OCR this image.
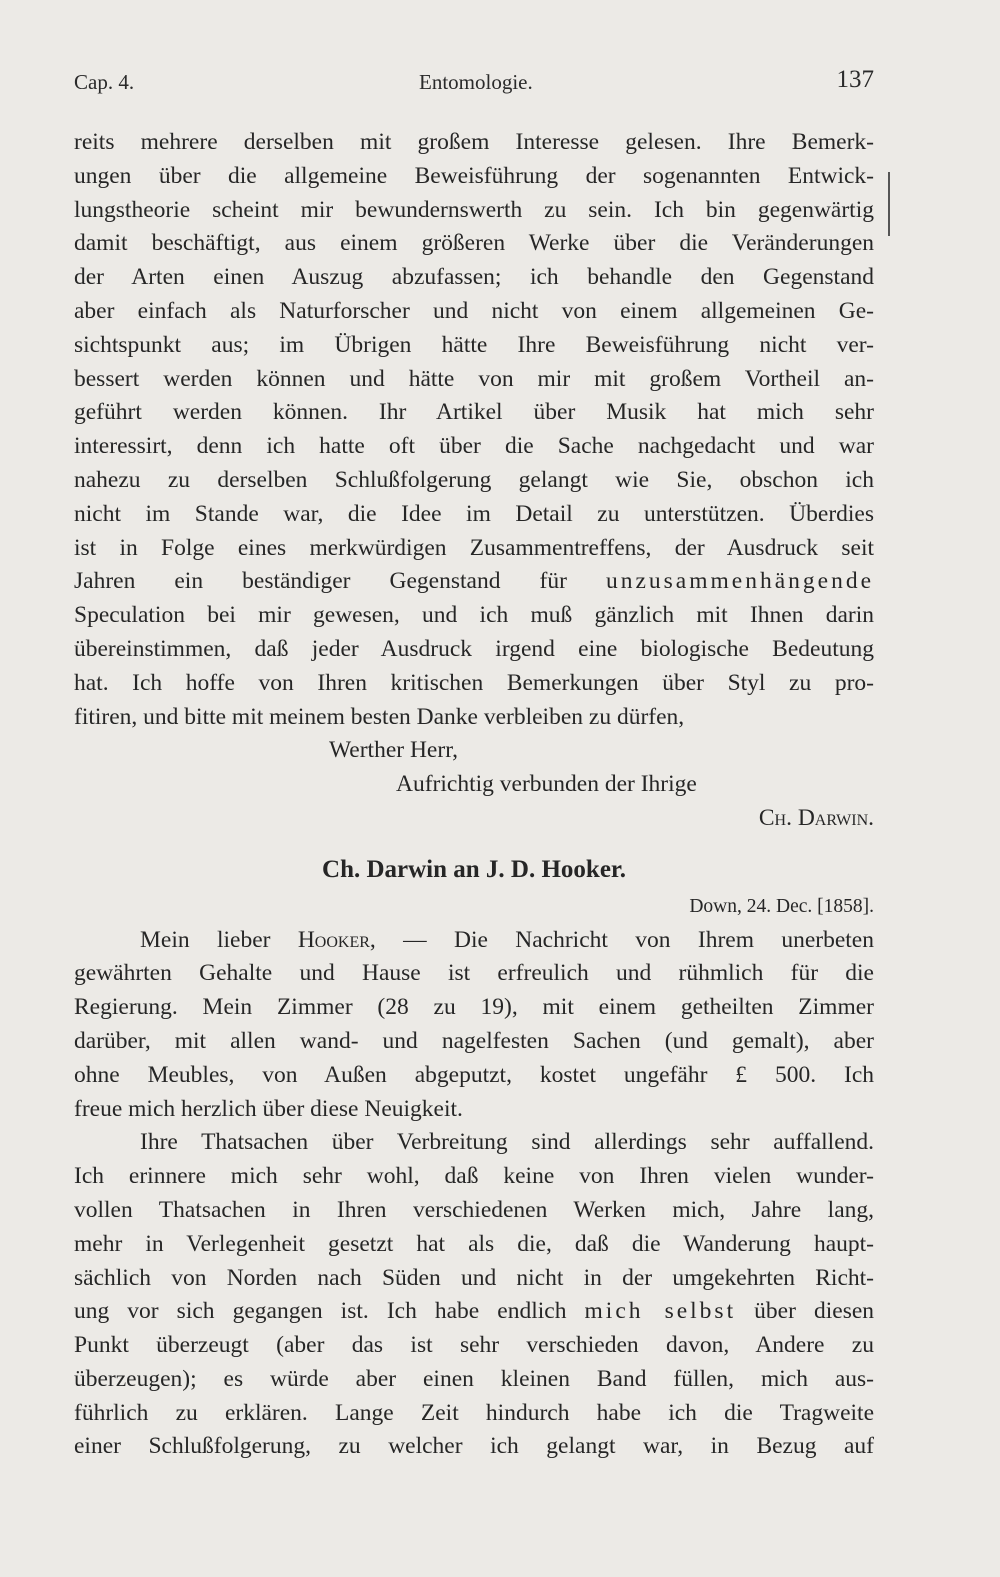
Cap. 4.	Entomologie.	137
reits mehrere derselben mit großem Interesse gelesen. Ihre Bemerk-
ungen über die allgemeine Beweisführung der sogenannten Entwick-
lungstheorie scheint mir bewundernswerth zu sein. Ich bin gegenwärtig
damit beschäftigt, aus einem größeren Werke über die Veränderungen
der Arten einen Auszug abzufassen; ich behandle den Gegenstand
aber einfach als Naturforscher und nicht von einem allgemeinen Ge-
sichtspunkt aus; im Übrigen hätte Ihre Beweisführung nicht ver-
bessert werden können und hätte von mir mit großem Vortheil an-
geführt werden können. Ihr Artikel über Musik hat mich sehr
interessirt, denn ich hatte oft über die Sache nachgedacht und war
nahezu zu derselben Schlußfolgerung gelangt wie Sie, obschon ich
nicht im Stande war, die Idee im Detail zu unterstützen. Überdies
ist in Folge eines merkwürdigen Zusammentreffens, der Ausdruck seit
Jahren ein beständiger Gegenstand für unzusammenhängende
Speculation bei mir gewesen, und ich muß gänzlich mit Ihnen darin
übereinstimmen, daß jeder Ausdruck irgend eine biologische Bedeutung
hat. Ich hoffe von Ihren kritischen Bemerkungen über Styl zu pro-
fitiren, und bitte mit meinem besten Danke verbleiben zu dürfen,
Werther Herr,
Aufrichtig verbunden der Ihrige
Ch. Darwin.
Ch. Darwin an J. D. Hooker.
Down, 24. Dec. [1858].
Mein lieber Hooker, — Die Nachricht von Ihrem unerbeten
gewährten Gehalte und Hause ist erfreulich und rühmlich für die
Regierung. Mein Zimmer (28 zu 19), mit einem getheilten Zimmer
darüber, mit allen wand- und nagelfesten Sachen (und gemalt), aber
ohne Meubles, von Außen abgeputzt, kostet ungefähr £ 500. Ich
freue mich herzlich über diese Neuigkeit.
Ihre Thatsachen über Verbreitung sind allerdings sehr auffallend.
Ich erinnere mich sehr wohl, daß keine von Ihren vielen wunder-
vollen Thatsachen in Ihren verschiedenen Werken mich, Jahre lang,
mehr in Verlegenheit gesetzt hat als die, daß die Wanderung haupt-
sächlich von Norden nach Süden und nicht in der umgekehrten Richt-
ung vor sich gegangen ist. Ich habe endlich mich selbst über diesen
Punkt überzeugt (aber das ist sehr verschieden davon, Andere zu
überzeugen); es würde aber einen kleinen Band füllen, mich aus-
führlich zu erklären. Lange Zeit hindurch habe ich die Tragweite
einer Schlußfolgerung, zu welcher ich gelangt war, in Bezug auf
